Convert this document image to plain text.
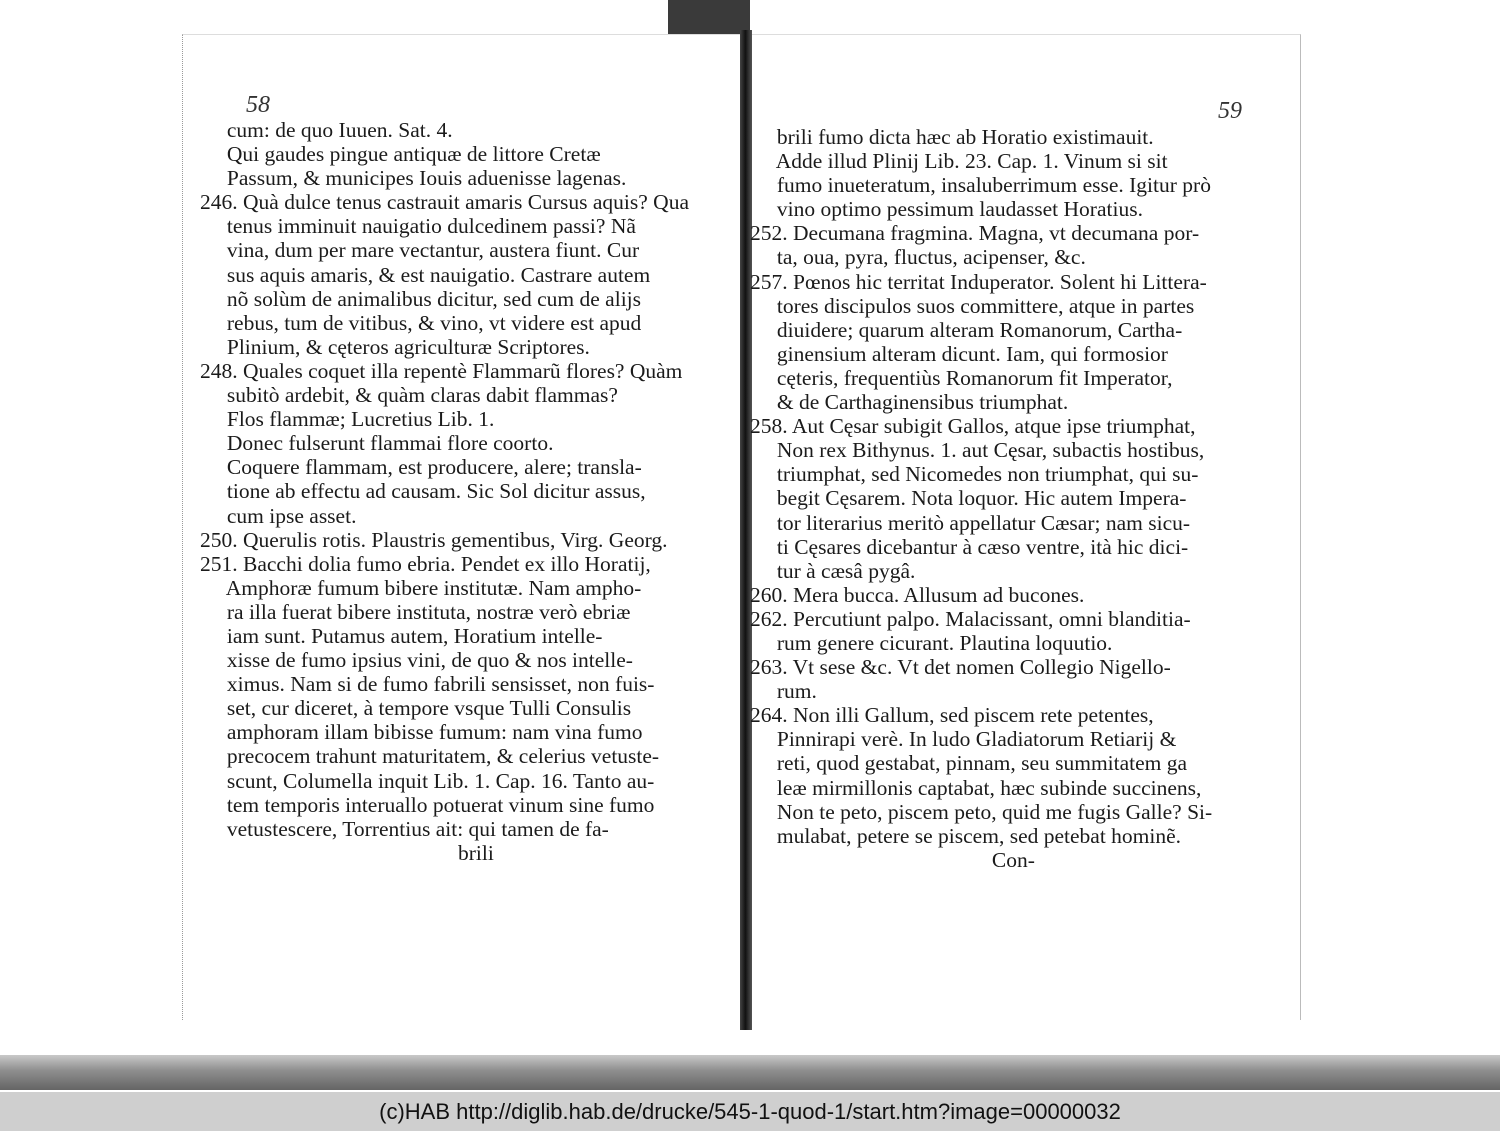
58	59
cum: de quo Iuuen. Sat. 4.
Qui gaudes pingue antiquæ de littore Cretæ
Passum, & municipes Iouis aduenisse lagenas.
246. Quà dulce tenus castrauit amaris Cursus aquis? Qua
tenus imminuit nauigatio dulcedinem passi? Nã
vina, dum per mare vectantur, austera fiunt. Cur
sus aquis amaris, & est nauigatio. Castrare autem
nõ solùm de animalibus dicitur, sed cum de alijs
rebus, tum de vitibus, & vino, vt videre est apud
Plinium, & cęteros agriculturæ Scriptores.
248. Quales coquet illa repentè Flammarũ flores? Quàm
subitò ardebit, & quàm claras dabit flammas?
Flos flammæ; Lucretius Lib. 1.
Donec fulserunt flammai flore coorto.
Coquere flammam, est producere, alere; transla-
tione ab effectu ad causam. Sic Sol dicitur assus,
cum ipse asset.
250. Querulis rotis. Plaustris gementibus, Virg. Georg.
251. Bacchi dolia fumo ebria. Pendet ex illo Horatij,
Amphoræ fumum bibere institutæ. Nam ampho-
ra illa fuerat bibere instituta, nostræ verò ebriæ
iam sunt. Putamus autem, Horatium intelle-
xisse de fumo ipsius vini, de quo & nos intelle-
ximus. Nam si de fumo fabrili sensisset, non fuis-
set, cur diceret, à tempore vsque Tulli Consulis
amphoram illam bibisse fumum: nam vina fumo
precocem trahunt maturitatem, & celerius vetuste-
scunt, Columella inquit Lib. 1. Cap. 16. Tanto au-
tem temporis interuallo potuerat vinum sine fumo
vetustescere, Torrentius ait: qui tamen de fa-
brili
brili fumo dicta hæc ab Horatio existimauit.
Adde illud Plinij Lib. 23. Cap. 1. Vinum si sit
fumo inueteratum, insaluberrimum esse. Igitur prò
vino optimo pessimum laudasset Horatius.
252. Decumana fragmina. Magna, vt decumana por-
ta, oua, pyra, fluctus, acipenser, &c.
257. Pœnos hic territat Induperator. Solent hi Littera-
tores discipulos suos committere, atque in partes
diuidere; quarum alteram Romanorum, Cartha-
ginensium alteram dicunt. Iam, qui formosior
cęteris, frequentiùs Romanorum fit Imperator,
& de Carthaginensibus triumphat.
258. Aut Cęsar subigit Gallos, atque ipse triumphat,
Non rex Bithynus. 1. aut Cęsar, subactis hostibus,
triumphat, sed Nicomedes non triumphat, qui su-
begit Cęsarem. Nota loquor. Hic autem Impera-
tor literarius meritò appellatur Cæsar; nam sicu-
ti Cęsares dicebantur à cæso ventre, ità hic dici-
tur à cæsâ pygâ.
260. Mera bucca. Allusum ad bucones.
262. Percutiunt palpo. Malacissant, omni blanditia-
rum genere cicurant. Plautina loquutio.
263. Vt sese &c. Vt det nomen Collegio Nigello-
rum.
264. Non illi Gallum, sed piscem rete petentes,
Pinnirapi verè. In ludo Gladiatorum Retiarij &
reti, quod gestabat, pinnam, seu summitatem ga
leæ mirmillonis captabat, hæc subinde succinens,
Non te peto, piscem peto, quid me fugis Galle? Si-
mulabat, petere se piscem, sed petebat hominẽ.
Con-
(c)HAB http://diglib.hab.de/drucke/545-1-quod-1/start.htm?image=00000032
